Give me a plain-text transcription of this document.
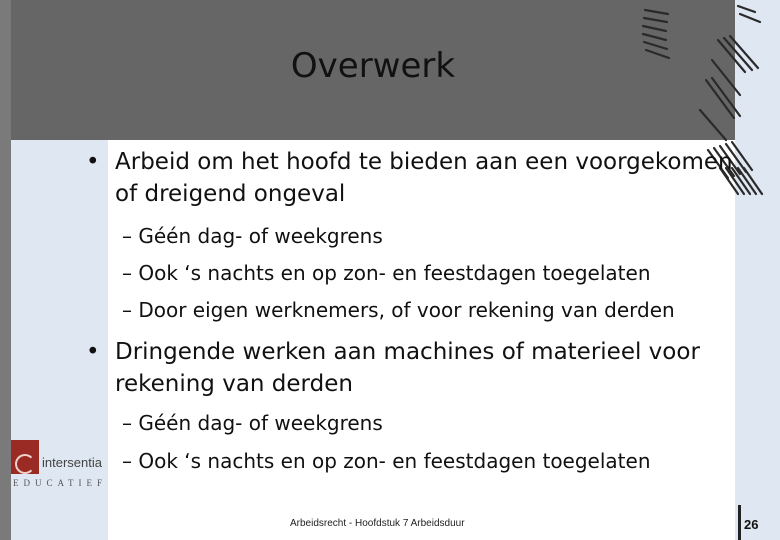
Overwerk
• Arbeid om het hoofd te bieden aan een voorgekomen of dreigend ongeval
– Géén dag- of weekgrens
– Ook ‘s nachts en op zon- en feestdagen toegelaten
– Door eigen werknemers, of voor rekening van derden
• Dringende werken aan machines of materieel voor rekening van derden
– Géén dag- of weekgrens
– Ook ‘s nachts en op zon- en feestdagen toegelaten
intersentia
EDUCATIEF
Arbeidsrecht - Hoofdstuk 7 Arbeidsduur	26
